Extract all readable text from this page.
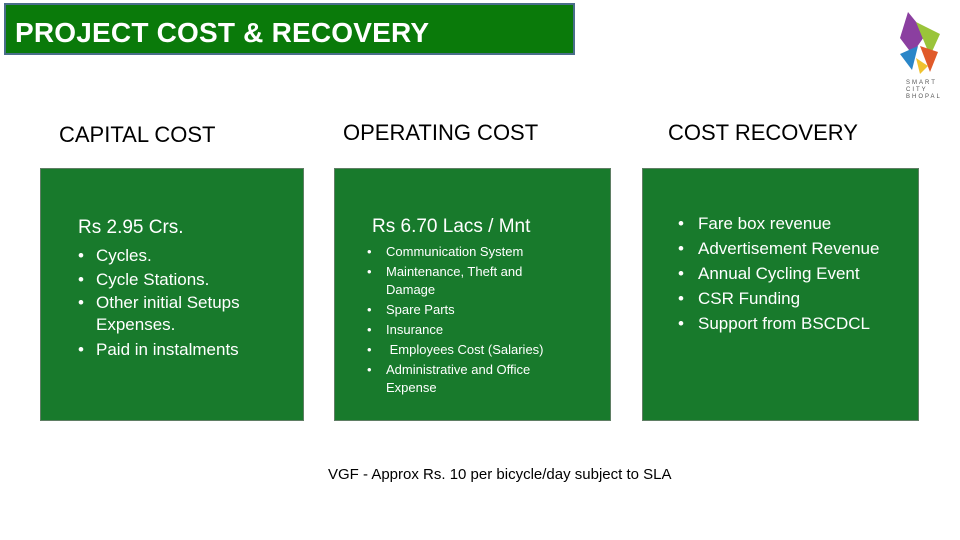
PROJECT COST & RECOVERY
SMART
CITY
BHOPAL
CAPITAL COST	OPERATING COST	COST RECOVERY
Rs 2.95 Crs.
• Cycles.
• Cycle Stations.
• Other initial Setups Expenses.
• Paid in instalments
Rs 6.70 Lacs / Mnt
• Communication System
• Maintenance, Theft and Damage
• Spare Parts
• Insurance
•  Employees Cost (Salaries)
• Administrative and Office Expense
• Fare box revenue
• Advertisement Revenue
• Annual Cycling Event
• CSR Funding
• Support from BSCDCL
VGF - Approx Rs. 10 per bicycle/day subject to SLA
